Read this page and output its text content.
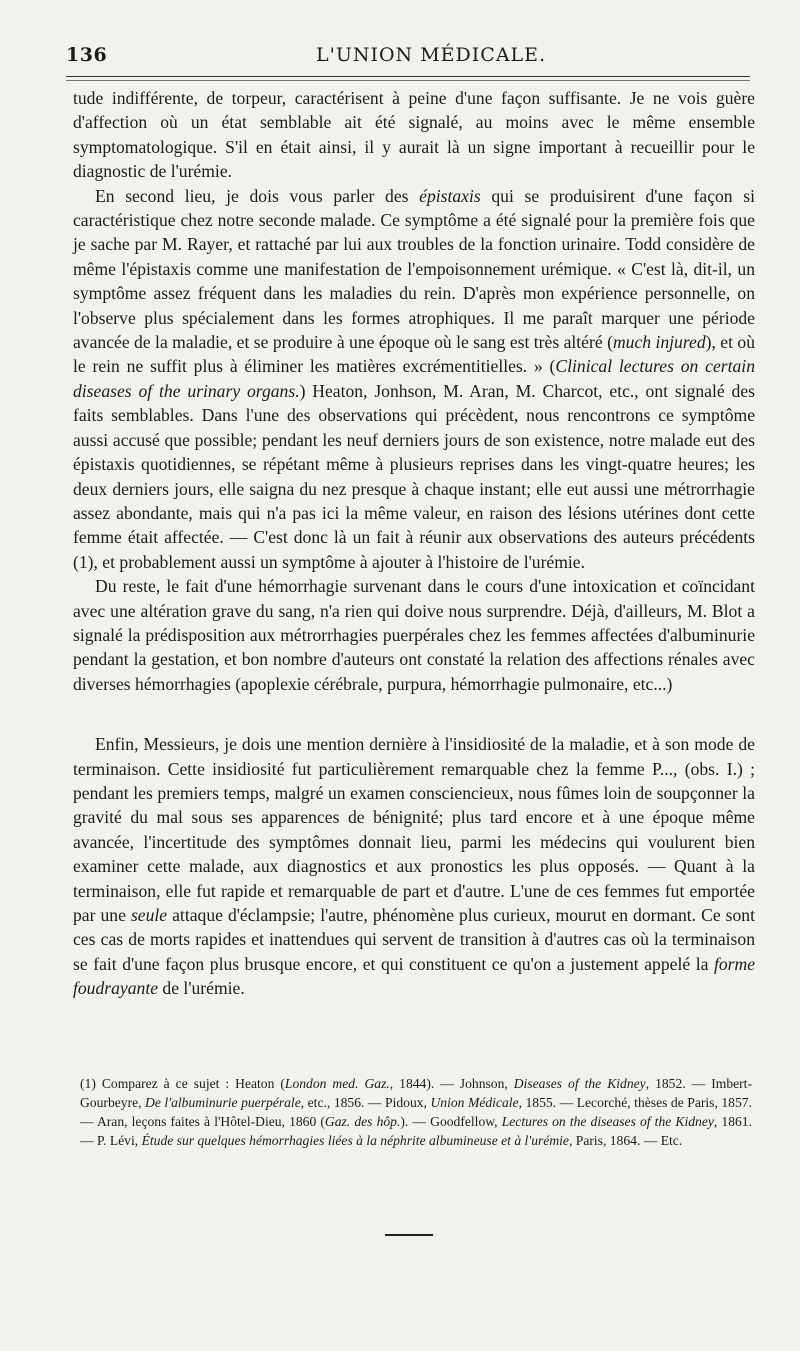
136	L'UNION MÉDICALE.

tude indifférente, de torpeur, caractérisent à peine d'une façon suffisante. Je ne vois guère d'affection où un état semblable ait été signalé, au moins avec le même ensemble symptomatologique. S'il en était ainsi, il y aurait là un signe important à recueillir pour le diagnostic de l'urémie.

En second lieu, je dois vous parler des épistaxis qui se produisirent d'une façon si caractéristique chez notre seconde malade. Ce symptôme a été signalé pour la première fois que je sache par M. Rayer, et rattaché par lui aux troubles de la fonction urinaire. Todd considère de même l'épistaxis comme une manifestation de l'empoisonnement urémique. « C'est là, dit-il, un symptôme assez fréquent dans les maladies du rein. D'après mon expérience personnelle, on l'observe plus spécialement dans les formes atrophiques. Il me paraît marquer une période avancée de la maladie, et se produire à une époque où le sang est très altéré (much injured), et où le rein ne suffit plus à éliminer les matières excrémentitielles. » (Clinical lectures on certain diseases of the urinary organs.) Heaton, Jonhson, M. Aran, M. Charcot, etc., ont signalé des faits semblables. Dans l'une des observations qui précèdent, nous rencontrons ce symptôme aussi accusé que possible; pendant les neuf derniers jours de son existence, notre malade eut des épistaxis quotidiennes, se répétant même à plusieurs reprises dans les vingt-quatre heures; les deux derniers jours, elle saigna du nez presque à chaque instant; elle eut aussi une métrorrhagie assez abondante, mais qui n'a pas ici la même valeur, en raison des lésions utérines dont cette femme était affectée. — C'est donc là un fait à réunir aux observations des auteurs précédents (1), et probablement aussi un symptôme à ajouter à l'histoire de l'urémie.

Du reste, le fait d'une hémorrhagie survenant dans le cours d'une intoxication et coïncidant avec une altération grave du sang, n'a rien qui doive nous surprendre. Déjà, d'ailleurs, M. Blot a signalé la prédisposition aux métrorrhagies puerpérales chez les femmes affectées d'albuminurie pendant la gestation, et bon nombre d'auteurs ont constaté la relation des affections rénales avec diverses hémorrhagies (apoplexie cérébrale, purpura, hémorrhagie pulmonaire, etc...)

Enfin, Messieurs, je dois une mention dernière à l'insidiosité de la maladie, et à son mode de terminaison. Cette insidiosité fut particulièrement remarquable chez la femme P..., (obs. I.) ; pendant les premiers temps, malgré un examen consciencieux, nous fûmes loin de soupçonner la gravité du mal sous ses apparences de bénignité; plus tard encore et à une époque même avancée, l'incertitude des symptômes donnait lieu, parmi les médecins qui voulurent bien examiner cette malade, aux diagnostics et aux pronostics les plus opposés. — Quant à la terminaison, elle fut rapide et remarquable de part et d'autre. L'une de ces femmes fut emportée par une seule attaque d'éclampsie; l'autre, phénomène plus curieux, mourut en dormant. Ce sont ces cas de morts rapides et inattendues qui servent de transition à d'autres cas où la terminaison se fait d'une façon plus brusque encore, et qui constituent ce qu'on a justement appelé la forme foudrayante de l'urémie.

(1) Comparez à ce sujet : Heaton (London med. Gaz., 1844). — Johnson, Diseases of the Kidney, 1852. — Imbert-Gourbeyre, De l'albuminurie puerpérale, etc., 1856. — Pidoux, Union Médicale, 1855. — Lecorché, thèses de Paris, 1857. — Aran, leçons faites à l'Hôtel-Dieu, 1860 (Gaz. des hôp.). — Goodfellow, Lectures on the diseases of the Kidney, 1861. — P. Lévi, Étude sur quelques hémorrhagies liées à la néphrite albumineuse et à l'urémie, Paris, 1864. — Etc.
